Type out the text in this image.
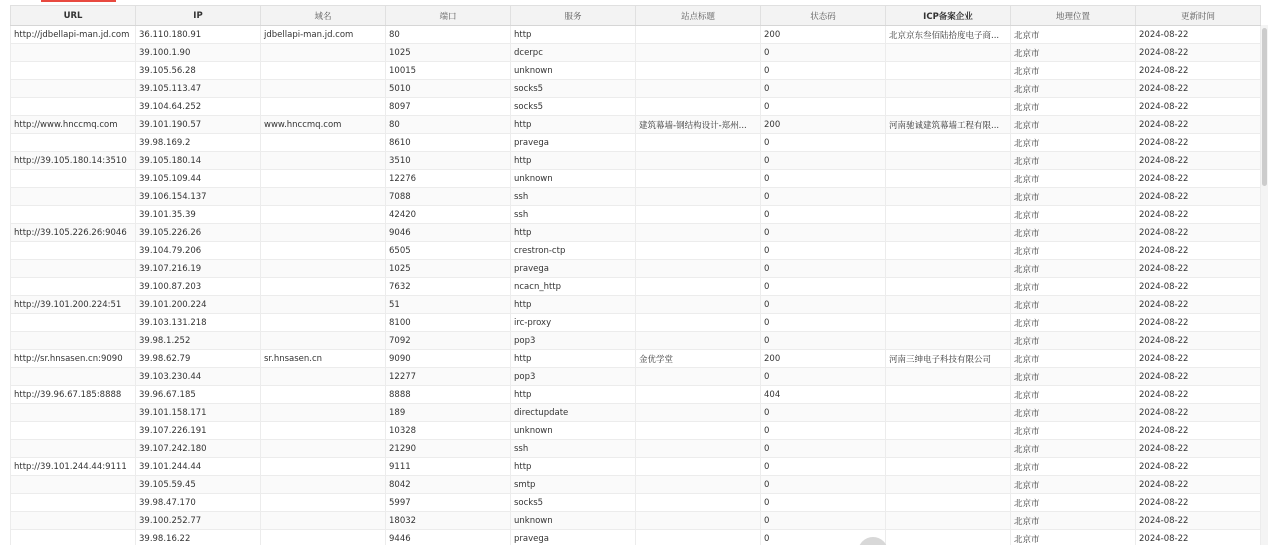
URL	IP	域名	端口	服务	站点标题	状态码	ICP备案企业	地理位置	更新时间
http://jdbellapi-man.jd.com	36.110.180.91	jdbellapi-man.jd.com	80	http		200	北京京东叁佰陆拾度电子商...	北京市	2024-08-22
	39.100.1.90		1025	dcerpc		0		北京市	2024-08-22
	39.105.56.28		10015	unknown		0		北京市	2024-08-22
	39.105.113.47		5010	socks5		0		北京市	2024-08-22
	39.104.64.252		8097	socks5		0		北京市	2024-08-22
http://www.hnccmq.com	39.101.190.57	www.hnccmq.com	80	http	建筑幕墙-钢结构设计-郑州...	200	河南驰诚建筑幕墙工程有限...	北京市	2024-08-22
	39.98.169.2		8610	pravega		0		北京市	2024-08-22
http://39.105.180.14:3510	39.105.180.14		3510	http		0		北京市	2024-08-22
	39.105.109.44		12276	unknown		0		北京市	2024-08-22
	39.106.154.137		7088	ssh		0		北京市	2024-08-22
	39.101.35.39		42420	ssh		0		北京市	2024-08-22
http://39.105.226.26:9046	39.105.226.26		9046	http		0		北京市	2024-08-22
	39.104.79.206		6505	crestron-ctp		0		北京市	2024-08-22
	39.107.216.19		1025	pravega		0		北京市	2024-08-22
	39.100.87.203		7632	ncacn_http		0		北京市	2024-08-22
http://39.101.200.224:51	39.101.200.224		51	http		0		北京市	2024-08-22
	39.103.131.218		8100	irc-proxy		0		北京市	2024-08-22
	39.98.1.252		7092	pop3		0		北京市	2024-08-22
http://sr.hnsasen.cn:9090	39.98.62.79	sr.hnsasen.cn	9090	http	金优学堂	200	河南三绅电子科技有限公司	北京市	2024-08-22
	39.103.230.44		12277	pop3		0		北京市	2024-08-22
http://39.96.67.185:8888	39.96.67.185		8888	http		404		北京市	2024-08-22
	39.101.158.171		189	directupdate		0		北京市	2024-08-22
	39.107.226.191		10328	unknown		0		北京市	2024-08-22
	39.107.242.180		21290	ssh		0		北京市	2024-08-22
http://39.101.244.44:9111	39.101.244.44		9111	http		0		北京市	2024-08-22
	39.105.59.45		8042	smtp		0		北京市	2024-08-22
	39.98.47.170		5997	socks5		0		北京市	2024-08-22
	39.100.252.77		18032	unknown		0		北京市	2024-08-22
	39.98.16.22		9446	pravega		0		北京市	2024-08-22
